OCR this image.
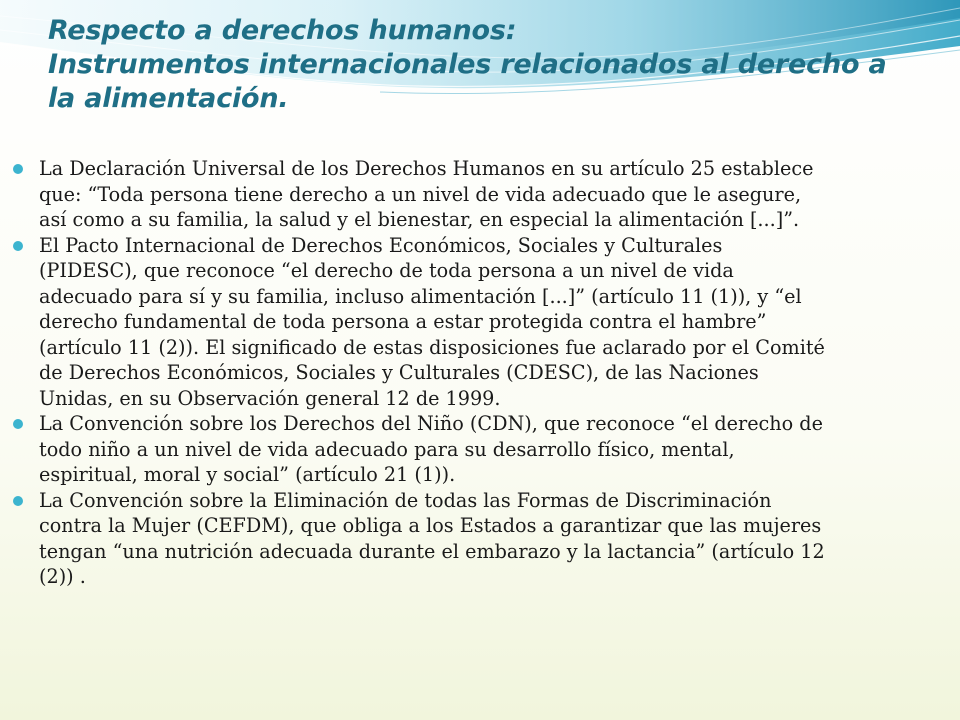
Respecto a derechos humanos:
Instrumentos internacionales relacionados al derecho a
la alimentación.
La Declaración Universal de los Derechos Humanos en su artículo 25 establece
que: “Toda persona tiene derecho a un nivel de vida adecuado que le asegure,
así como a su familia, la salud y el bienestar, en especial la alimentación [...]”.
El Pacto Internacional de Derechos Económicos, Sociales y Culturales
(PIDESC), que reconoce “el derecho de toda persona a un nivel de vida
adecuado para sí y su familia, incluso alimentación [...]” (artículo 11 (1)), y “el
derecho fundamental de toda persona a estar protegida contra el hambre”
(artículo 11 (2)). El significado de estas disposiciones fue aclarado por el Comité
de Derechos Económicos, Sociales y Culturales (CDESC), de las Naciones
Unidas, en su Observación general 12 de 1999.
La Convención sobre los Derechos del Niño (CDN), que reconoce “el derecho de
todo niño a un nivel de vida adecuado para su desarrollo físico, mental,
espiritual, moral y social” (artículo 21 (1)).
La Convención sobre la Eliminación de todas las Formas de Discriminación
contra la Mujer (CEFDM), que obliga a los Estados a garantizar que las mujeres
tengan “una nutrición adecuada durante el embarazo y la lactancia” (artículo 12
(2)) .
